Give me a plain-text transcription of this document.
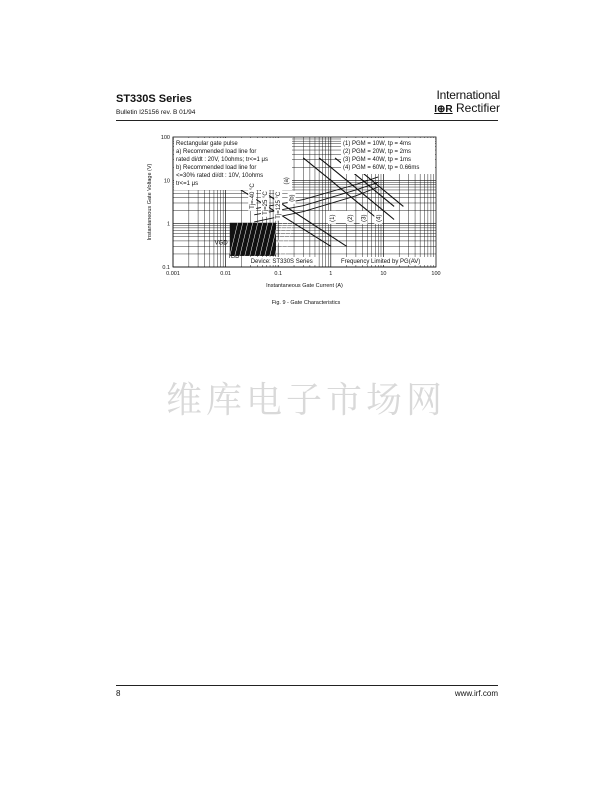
ST330S Series
Bulletin I25156 rev. B 01/94
International
I⊕R Rectifier
0.001	0.01	0.1	1	10	100
0.1
1
10
100
Instantaneous Gate Current (A)
Instantaneous Gate Voltage (V)
Rectangular gate pulse
a) Recommended load line for
rated di/dt : 20V, 10ohms; tr<=1 μs
b) Recommended load line for
<=30% rated di/dt : 10V, 10ohms
tr<=1 μs
(1) PGM = 10W, tp = 4ms
(2) PGM = 20W, tp = 2ms
(3) PGM = 40W, tp = 1ms
(4) PGM = 60W, tp = 0.66ms
Device: ST330S Series	Frequency Limited by PG(AV)
VGD
IGD
(a)
(b)
(1) (2) (3) (4)
Tj=-40 °C Tj=25 °C Tj=125 °C
Fig. 9 - Gate Characteristics
维库电子市场网
8	www.irf.com
